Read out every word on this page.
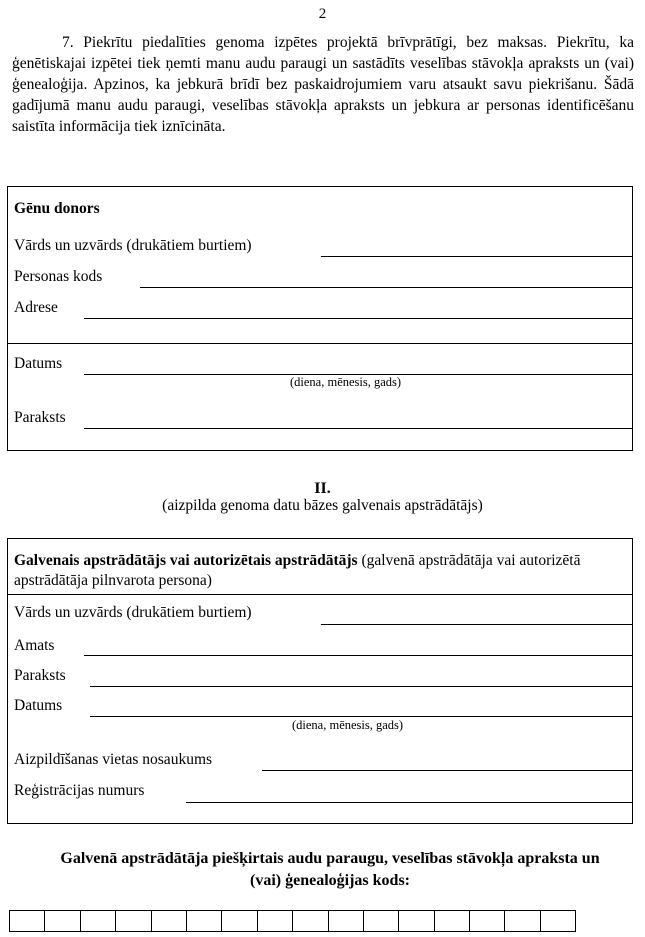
2
7. Piekrītu piedalīties genoma izpētes projektā brīvprātīgi, bez maksas. Piekrītu, ka ģenētiskajai izpētei tiek ņemti manu audu paraugi un sastādīts veselības stāvokļa apraksts un (vai) ģenealoģija. Apzinos, ka jebkurā brīdī bez paskaidrojumiem varu atsaukt savu piekrišanu. Šādā gadījumā manu audu paraugi, veselības stāvokļa apraksts un jebkura ar personas identificēšanu saistīta informācija tiek iznīcināta.
Gēnu donors
Vārds un uzvārds (drukātiem burtiem)
Personas kods
Adrese
Datums
(diena, mēnesis, gads)
Paraksts
II.
(aizpilda genoma datu bāzes galvenais apstrādātājs)
Galvenais apstrādātājs vai autorizētais apstrādātājs (galvenā apstrādātāja vai autorizētā apstrādātāja pilnvarota persona)
Vārds un uzvārds (drukātiem burtiem)
Amats
Paraksts
Datums
(diena, mēnesis, gads)
Aizpildīšanas vietas nosaukums
Reģistrācijas numurs
Galvenā apstrādātāja piešķirtais audu paraugu, veselības stāvokļa apraksta un (vai) ģenealoģijas kods:
